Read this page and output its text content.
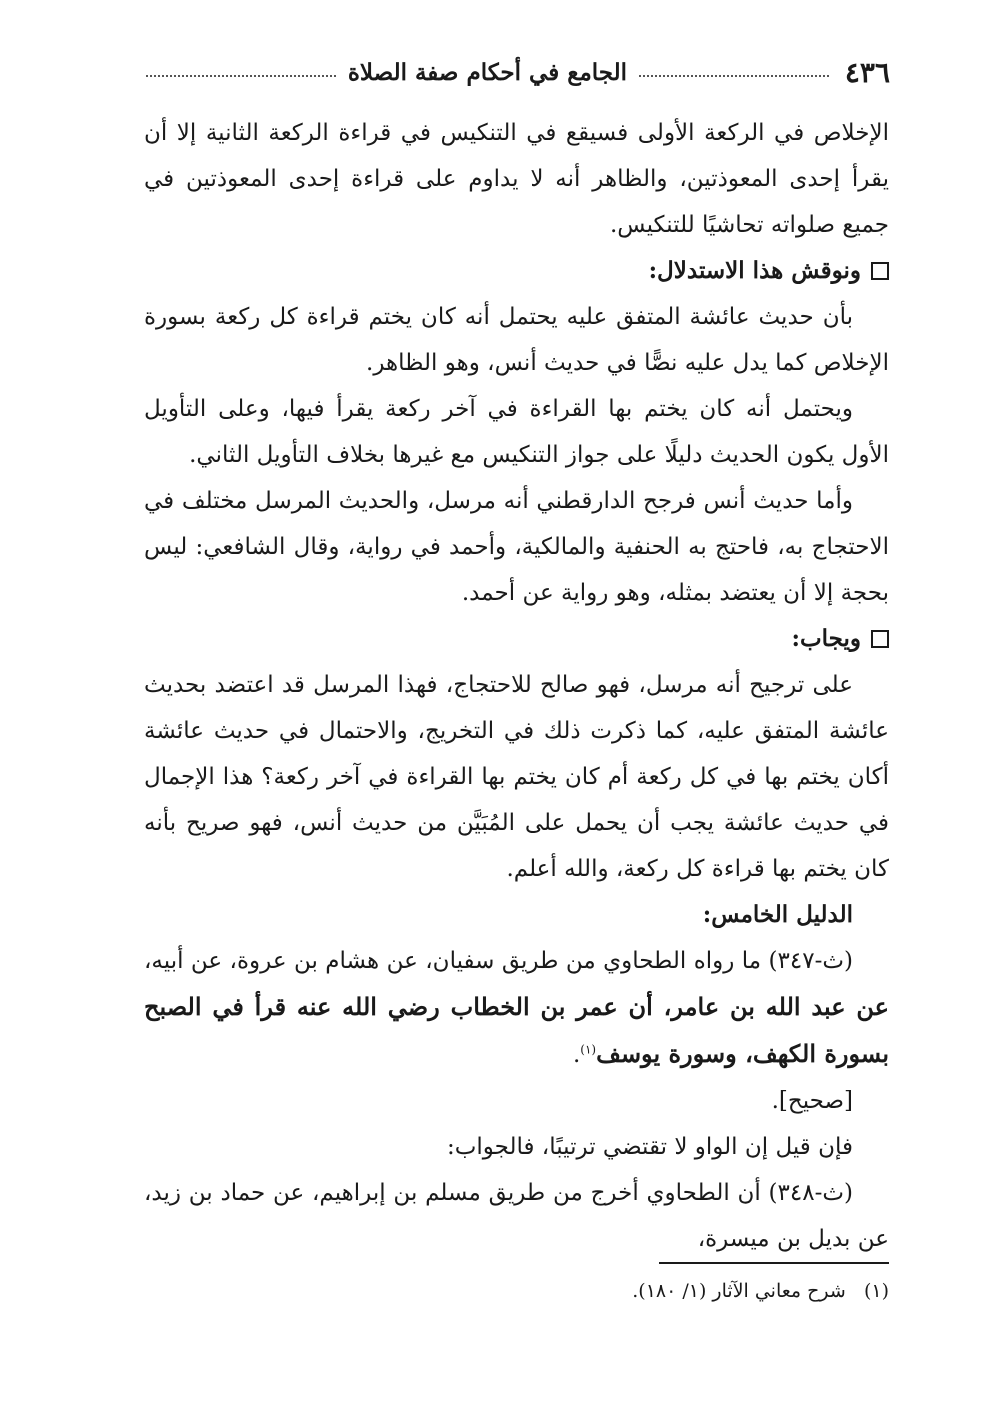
٤٣٦
الجامع في أحكام صفة الصلاة

الإخلاص في الركعة الأولى فسيقع في التنكيس في قراءة الركعة الثانية إلا أن يقرأ إحدى المعوذتين، والظاهر أنه لا يداوم على قراءة إحدى المعوذتين في جميع صلواته تحاشيًا للتنكيس.

ونوقش هذا الاستدلال:

بأن حديث عائشة المتفق عليه يحتمل أنه كان يختم قراءة كل ركعة بسورة الإخلاص كما يدل عليه نصًّا في حديث أنس، وهو الظاهر.

ويحتمل أنه كان يختم بها القراءة في آخر ركعة يقرأ فيها، وعلى التأويل الأول يكون الحديث دليلًا على جواز التنكيس مع غيرها بخلاف التأويل الثاني.

وأما حديث أنس فرجح الدارقطني أنه مرسل، والحديث المرسل مختلف في الاحتجاج به، فاحتج به الحنفية والمالكية، وأحمد في رواية، وقال الشافعي: ليس بحجة إلا أن يعتضد بمثله، وهو رواية عن أحمد.

ويجاب:

على ترجيح أنه مرسل، فهو صالح للاحتجاج، فهذا المرسل قد اعتضد بحديث عائشة المتفق عليه، كما ذكرت ذلك في التخريج، والاحتمال في حديث عائشة أكان يختم بها في كل ركعة أم كان يختم بها القراءة في آخر ركعة؟ هذا الإجمال في حديث عائشة يجب أن يحمل على المُبَيَّن من حديث أنس، فهو صريح بأنه كان يختم بها قراءة كل ركعة، والله أعلم.

الدليل الخامس:

(ث-٣٤٧) ما رواه الطحاوي من طريق سفيان، عن هشام بن عروة، عن أبيه، عن عبد الله بن عامر، أن عمر بن الخطاب رضي الله عنه قرأ في الصبح بسورة الكهف، وسورة يوسف$^{(١)}$.

[صحيح].

فإن قيل إن الواو لا تقتضي ترتيبًا، فالجواب:

(ث-٣٤٨) أن الطحاوي أخرج من طريق مسلم بن إبراهيم، عن حماد بن زيد، عن بديل بن ميسرة،

(١)   شرح معاني الآثار (١/ ١٨٠).
